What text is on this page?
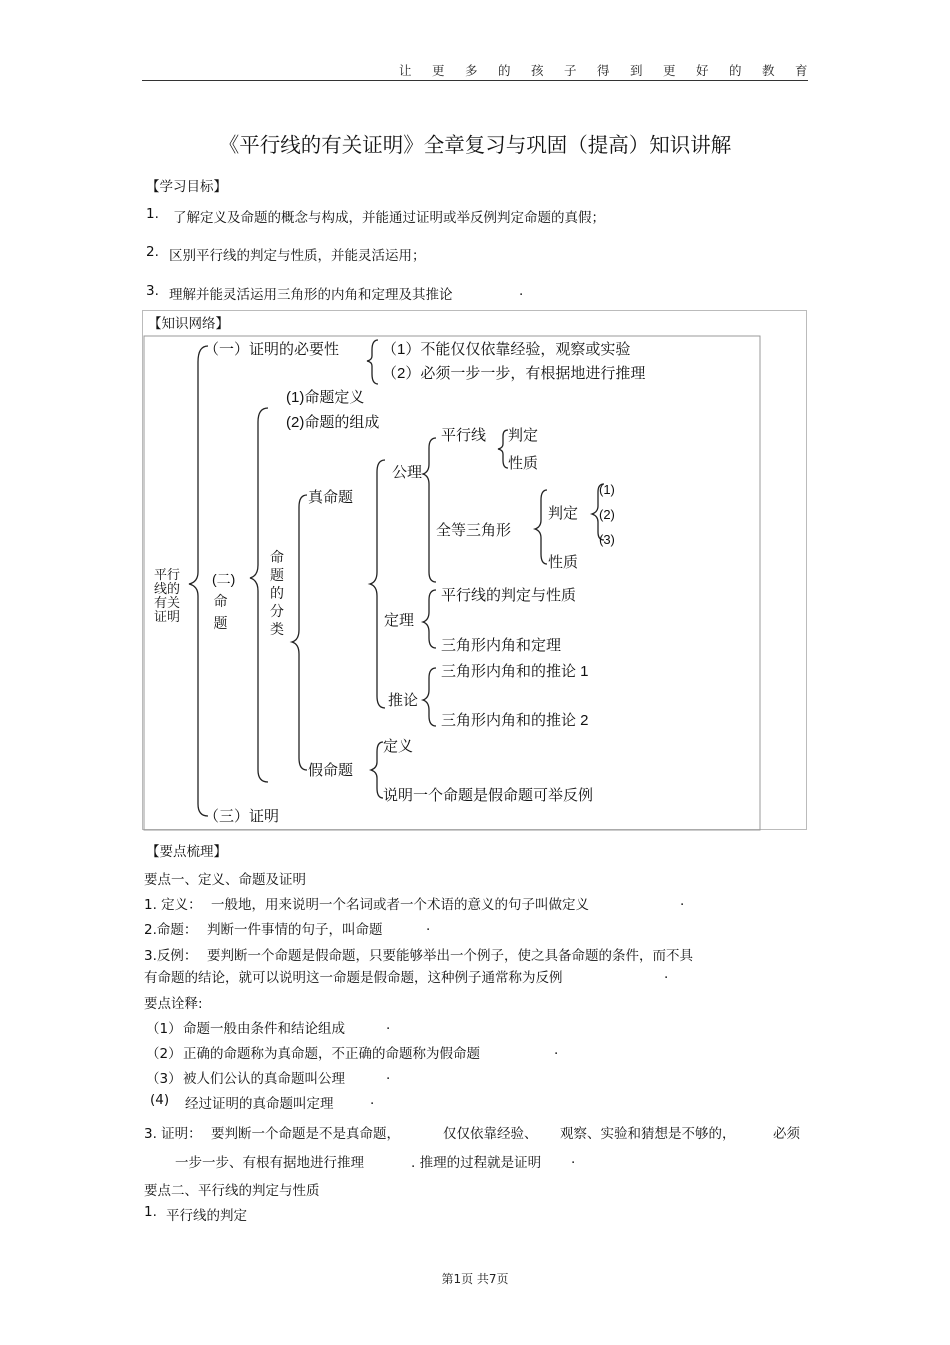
让更多的孩子得到更好的教育
《平行线的有关证明》全章复习与巩固（提高）知识讲解
【学习目标】
1. 了解定义及命题的概念与构成，并能通过证明或举反例判定命题的真假；
2. 区别平行线的判定与性质，并能灵活运用；
3. 理解并能灵活运用三角形的内角和定理及其推论	.
【知识网络】
（一）证明的必要性	（1）不能仅仅依靠经验，观察或实验
（2）必须一步一步，有根据地进行推理
(1)命题定义
(2)命题的组成
平行线 判定
性质
公理
(1)
真命题
判定 (2)
全等三角形
(3)
性质
平行线的判定与性质
定理
三角形内角和定理
三角形内角和的推论 1
推论
三角形内角和的推论 2
定义
假命题
说明一个命题是假命题可举反例
（三）证明
平行线的有关证明
(二)命题
命题的分类
【要点梳理】
要点一、定义、命题及证明
1. 定义： 一般地，用来说明一个名词或者一个术语的意义的句子叫做定义	.
2.命题： 判断一件事情的句子，叫命题	.
3.反例： 要判断一个命题是假命题，只要能够举出一个例子，使之具备命题的条件，而不具
有命题的结论，就可以说明这一命题是假命题，这种例子通常称为反例	.
要点诠释:
（1） 命题一般由条件和结论组成	.
（2） 正确的命题称为真命题，不正确的命题称为假命题	.
（3） 被人们公认的真命题叫公理	.
(4) 经过证明的真命题叫定理	.
3. 证明： 要判断一个命题是不是真命题，	仅仅依靠经验、 观察、实验和猜想是不够的，	必须
一步一步、有根有据地进行推理	. 推理的过程就是证明 .
要点二、平行线的判定与性质
1. 平行线的判定
第1页 共7页
